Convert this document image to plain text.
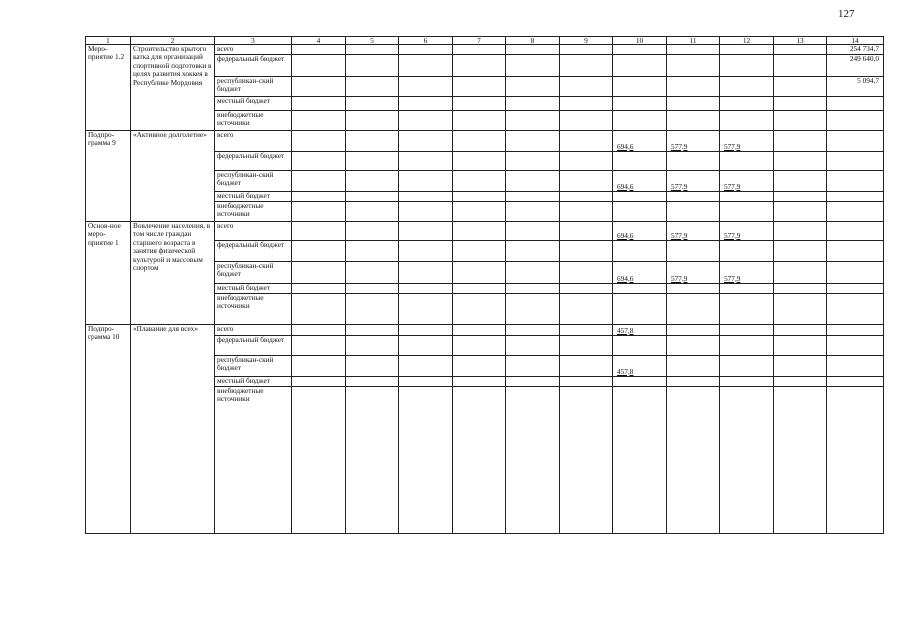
127
1	2	3	4	5	6	7	8	9	10	11	12	13	14
Меро-приятие 1.2	Строительство крытого катка для организаций спортивной подготовки в целях развития хоккея в Республике Мордовия	всего											254 734,7
		федеральный бюджет											249 640,0
		республикан-ский бюджет											5 094,7
		местный бюджет											
		внебюджетные источники											
Подпро-грамма 9	«Активное долголетие»	всего							694,6	577,9	577,9		
		федеральный бюджет											
		республикан-ский бюджет							694,6	577,9	577,9		
		местный бюджет											
		внебюджетные источники											
Основ-ное меро-приятие 1	Вовлечение населения, в том числе граждан старшего возраста в занятия физической культурой и массовым спортом	всего							694,6	577,9	577,9		
		федеральный бюджет											
		республикан-ский бюджет							694,6	577,9	577,9		
		местный бюджет											
		внебюджетные источники											
Подпро-грамма 10	«Плавание для всех»	всего							457,8				
		федеральный бюджет											
		республикан-ский бюджет							457,8				
		местный бюджет											
		внебюджетные источники											
